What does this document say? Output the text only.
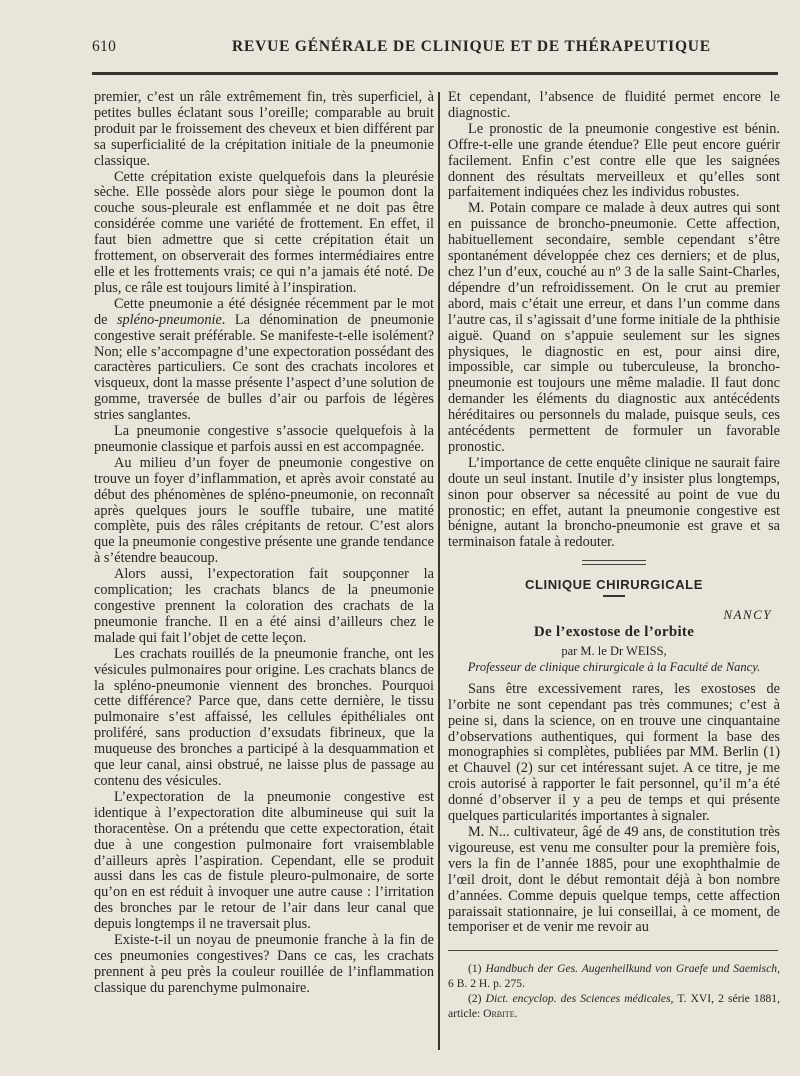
610	REVUE GÉNÉRALE DE CLINIQUE ET DE THÉRAPEUTIQUE

premier, c’est un râle extrêmement fin, très superficiel, à petites bulles éclatant sous l’oreille; comparable au bruit produit par le froissement des cheveux et bien différent par sa superficialité de la crépitation initiale de la pneumonie classique.

Cette crépitation existe quelquefois dans la pleurésie sèche. Elle possède alors pour siège le poumon dont la couche sous-pleurale est enflammée et ne doit pas être considérée comme une variété de frottement. En effet, il faut bien admettre que si cette crépitation était un frottement, on observerait des formes intermédiaires entre elle et les frottements vrais; ce qui n’a jamais été noté. De plus, ce râle est toujours limité à l’inspiration.

Cette pneumonie a été désignée récemment par le mot de spléno-pneumonie. La dénomination de pneumonie congestive serait préférable. Se manifeste-t-elle isolément? Non; elle s’accompagne d’une expectoration possédant des caractères particuliers. Ce sont des crachats incolores et visqueux, dont la masse présente l’aspect d’une solution de gomme, traversée de bulles d’air ou parfois de légères stries sanglantes.

La pneumonie congestive s’associe quelquefois à la pneumonie classique et parfois aussi en est accompagnée.

Au milieu d’un foyer de pneumonie congestive on trouve un foyer d’inflammation, et après avoir constaté au début des phénomènes de spléno-pneumonie, on reconnaît après quelques jours le souffle tubaire, une matité complète, puis des râles crépitants de retour. C’est alors que la pneumonie congestive présente une grande tendance à s’étendre beaucoup.

Alors aussi, l’expectoration fait soupçonner la complication; les crachats blancs de la pneumonie congestive prennent la coloration des crachats de la pneumonie franche. Il en a été ainsi d’ailleurs chez le malade qui fait l’objet de cette leçon.

Les crachats rouillés de la pneumonie franche, ont les vésicules pulmonaires pour origine. Les crachats blancs de la spléno-pneumonie viennent des bronches. Pourquoi cette différence? Parce que, dans cette dernière, le tissu pulmonaire s’est affaissé, les cellules épithéliales ont proliféré, sans production d’exsudats fibrineux, que la muqueuse des bronches a participé à la desquammation et que leur canal, ainsi obstrué, ne laisse plus de passage au contenu des vésicules.

L’expectoration de la pneumonie congestive est identique à l’expectoration dite albumineuse qui suit la thoracentèse. On a prétendu que cette expectoration, était due à une congestion pulmonaire fort vraisemblable d’ailleurs après l’aspiration. Cependant, elle se produit aussi dans les cas de fistule pleuro-pulmonaire, de sorte qu’on en est réduit à invoquer une autre cause : l’irritation des bronches par le retour de l’air dans leur canal que depuis longtemps il ne traversait plus.

Existe-t-il un noyau de pneumonie franche à la fin de ces pneumonies congestives? Dans ce cas, les crachats prennent à peu près la couleur rouillée de l’inflammation classique du parenchyme pulmonaire.

Et cependant, l’absence de fluidité permet encore le diagnostic.

Le pronostic de la pneumonie congestive est bénin. Offre-t-elle une grande étendue? Elle peut encore guérir facilement. Enfin c’est contre elle que les saignées donnent des résultats merveilleux et qu’elles sont parfaitement indiquées chez les individus robustes.

M. Potain compare ce malade à deux autres qui sont en puissance de broncho-pneumonie. Cette affection, habituellement secondaire, semble cependant s’être spontanément développée chez ces derniers; et de plus, chez l’un d’eux, couché au nº 3 de la salle Saint-Charles, dépendre d’un refroidissement. On le crut au premier abord, mais c’était une erreur, et dans l’un comme dans l’autre cas, il s’agissait d’une forme initiale de la phthisie aiguë. Quand on s’appuie seulement sur les signes physiques, le diagnostic en est, pour ainsi dire, impossible, car simple ou tuberculeuse, la broncho-pneumonie est toujours une même maladie. Il faut donc demander les éléments du diagnostic aux antécédents héréditaires ou personnels du malade, puisque seuls, ces antécédents permettent de formuler un favorable pronostic.

L’importance de cette enquête clinique ne saurait faire doute un seul instant. Inutile d’y insister plus longtemps, sinon pour observer sa nécessité au point de vue du pronostic; en effet, autant la pneumonie congestive est bénigne, autant la broncho-pneumonie est grave et sa terminaison fatale à redouter.

CLINIQUE CHIRURGICALE
NANCY
De l’exostose de l’orbite
par M. le Dr WEISS,
Professeur de clinique chirurgicale à la Faculté de Nancy.

Sans être excessivement rares, les exostoses de l’orbite ne sont cependant pas très communes; c’est à peine si, dans la science, on en trouve une cinquantaine d’observations authentiques, qui forment la base des monographies si complètes, publiées par MM. Berlin (1) et Chauvel (2) sur cet intéressant sujet. A ce titre, je me crois autorisé à rapporter le fait personnel, qu’il m’a été donné d’observer il y a peu de temps et qui présente quelques particularités importantes à signaler.

M. N... cultivateur, âgé de 49 ans, de constitution très vigoureuse, est venu me consulter pour la première fois, vers la fin de l’année 1885, pour une exophthalmie de l’œil droit, dont le début remontait déjà à bon nombre d’années. Comme depuis quelque temps, cette affection paraissait stationnaire, je lui conseillai, à ce moment, de temporiser et de venir me revoir au

(1) Handbuch der Ges. Augenheilkund von Graefe und Saemisch, 6 B. 2 H. p. 275.

(2) Dict. encyclop. des Sciences médicales, T. XVI, 2 série 1881, article: Orbite.
